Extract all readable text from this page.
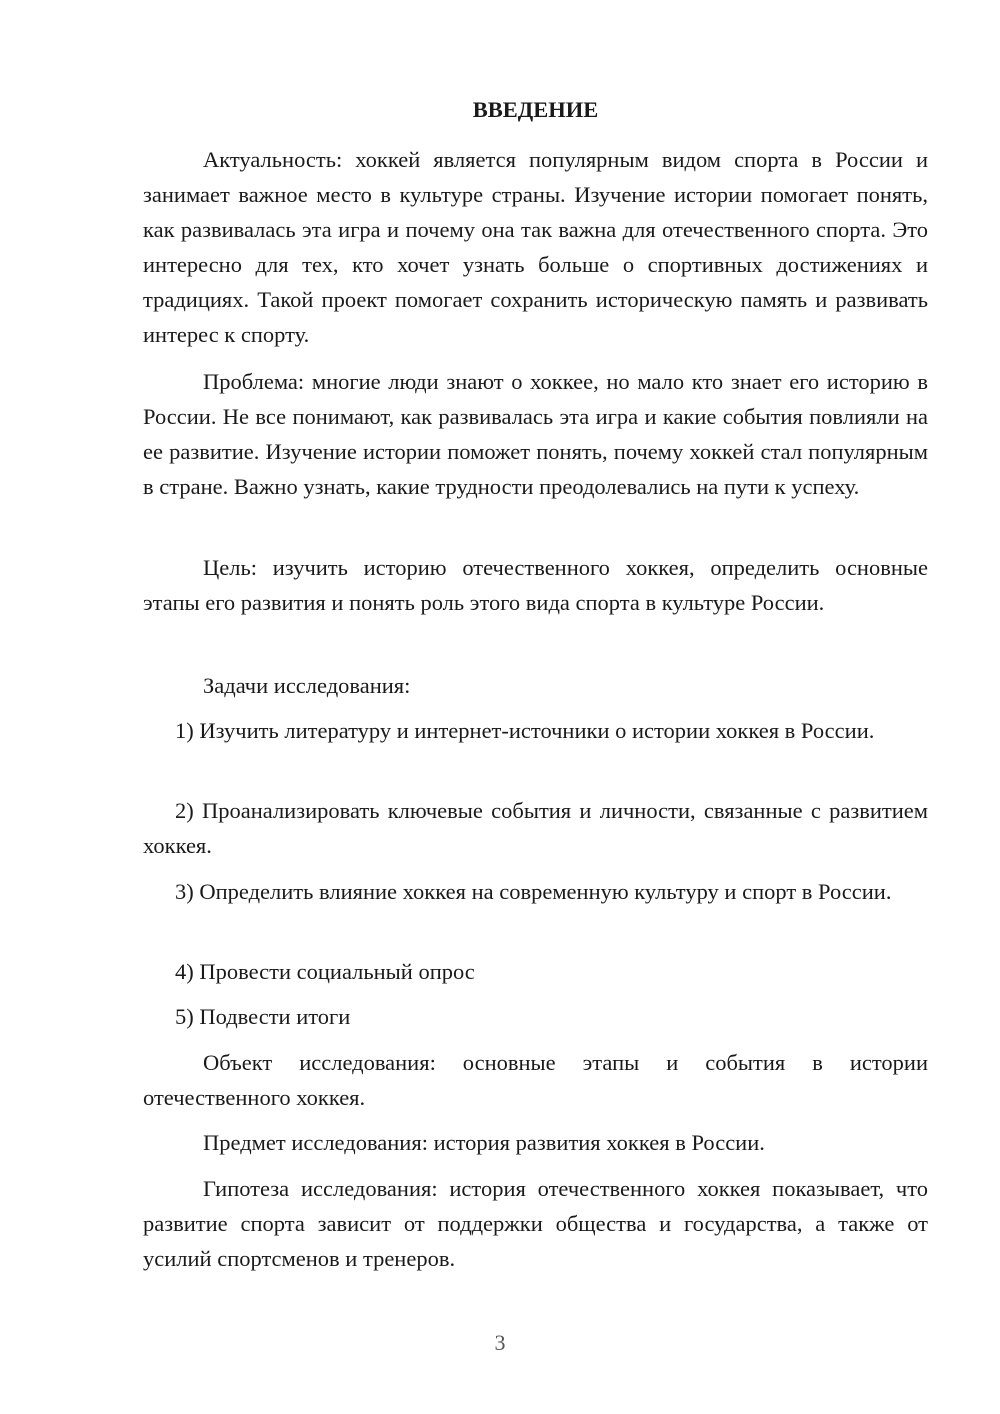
ВВЕДЕНИЕ

Актуальность: хоккей является популярным видом спорта в России и занимает важное место в культуре страны. Изучение истории помогает понять, как развивалась эта игра и почему она так важна для отечественного спорта. Это интересно для тех, кто хочет узнать больше о спортивных достижениях и традициях. Такой проект помогает сохранить историческую память и развивать интерес к спорту.

Проблема: многие люди знают о хоккее, но мало кто знает его историю в России. Не все понимают, как развивалась эта игра и какие события повлияли на ее развитие. Изучение истории поможет понять, почему хоккей стал популярным в стране. Важно узнать, какие трудности преодолевались на пути к успеху.

Цель: изучить историю отечественного хоккея, определить основные этапы его развития и понять роль этого вида спорта в культуре России.

Задачи исследования:

1) Изучить литературу и интернет-источники о истории хоккея в России.

2) Проанализировать ключевые события и личности, связанные с развитием хоккея.

3) Определить влияние хоккея на современную культуру и спорт в России.

4) Провести социальный опрос

5) Подвести итоги

Объект исследования: основные этапы и события в истории отечественного хоккея.

Предмет исследования: история развития хоккея в России.

Гипотеза исследования: история отечественного хоккея показывает, что развитие спорта зависит от поддержки общества и государства, а также от усилий спортсменов и тренеров.

3
